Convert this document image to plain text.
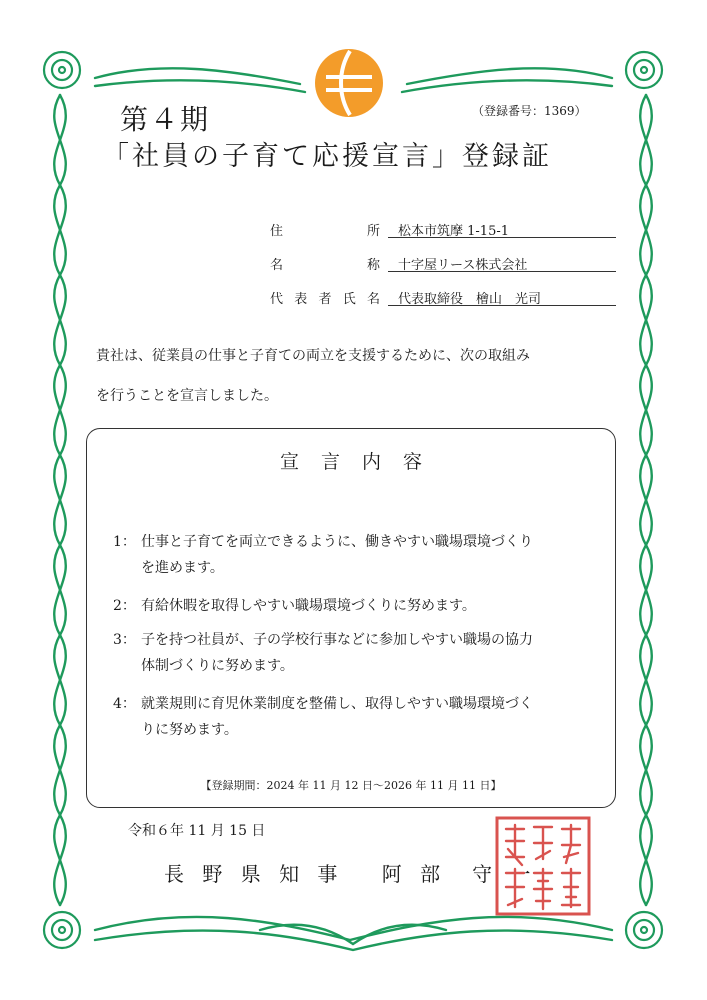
第４期	（登録番号：1369）
「社員の子育て応援宣言」登録証
住	所	松本市筑摩 1-15-1
名	称	十字屋リース株式会社
代 表 者 氏 名	代表取締役　檜山　光司
貴社は、従業員の仕事と子育ての両立を支援するために、次の取組み
を行うことを宣言しました。
宣言内容
1： 仕事と子育てを両立できるように、働きやすい職場環境づくり
を進めます。
2： 有給休暇を取得しやすい職場環境づくりに努めます。
3： 子を持つ社員が、子の学校行事などに参加しやすい職場の協力
体制づくりに努めます。
4： 就業規則に育児休業制度を整備し、取得しやすい職場環境づく
りに努めます。
【登録期間：2024 年 11 月 12 日～2026 年 11 月 11 日】
令和６年 11 月 15 日
長 野 県 知 事　 阿 部　守 一
